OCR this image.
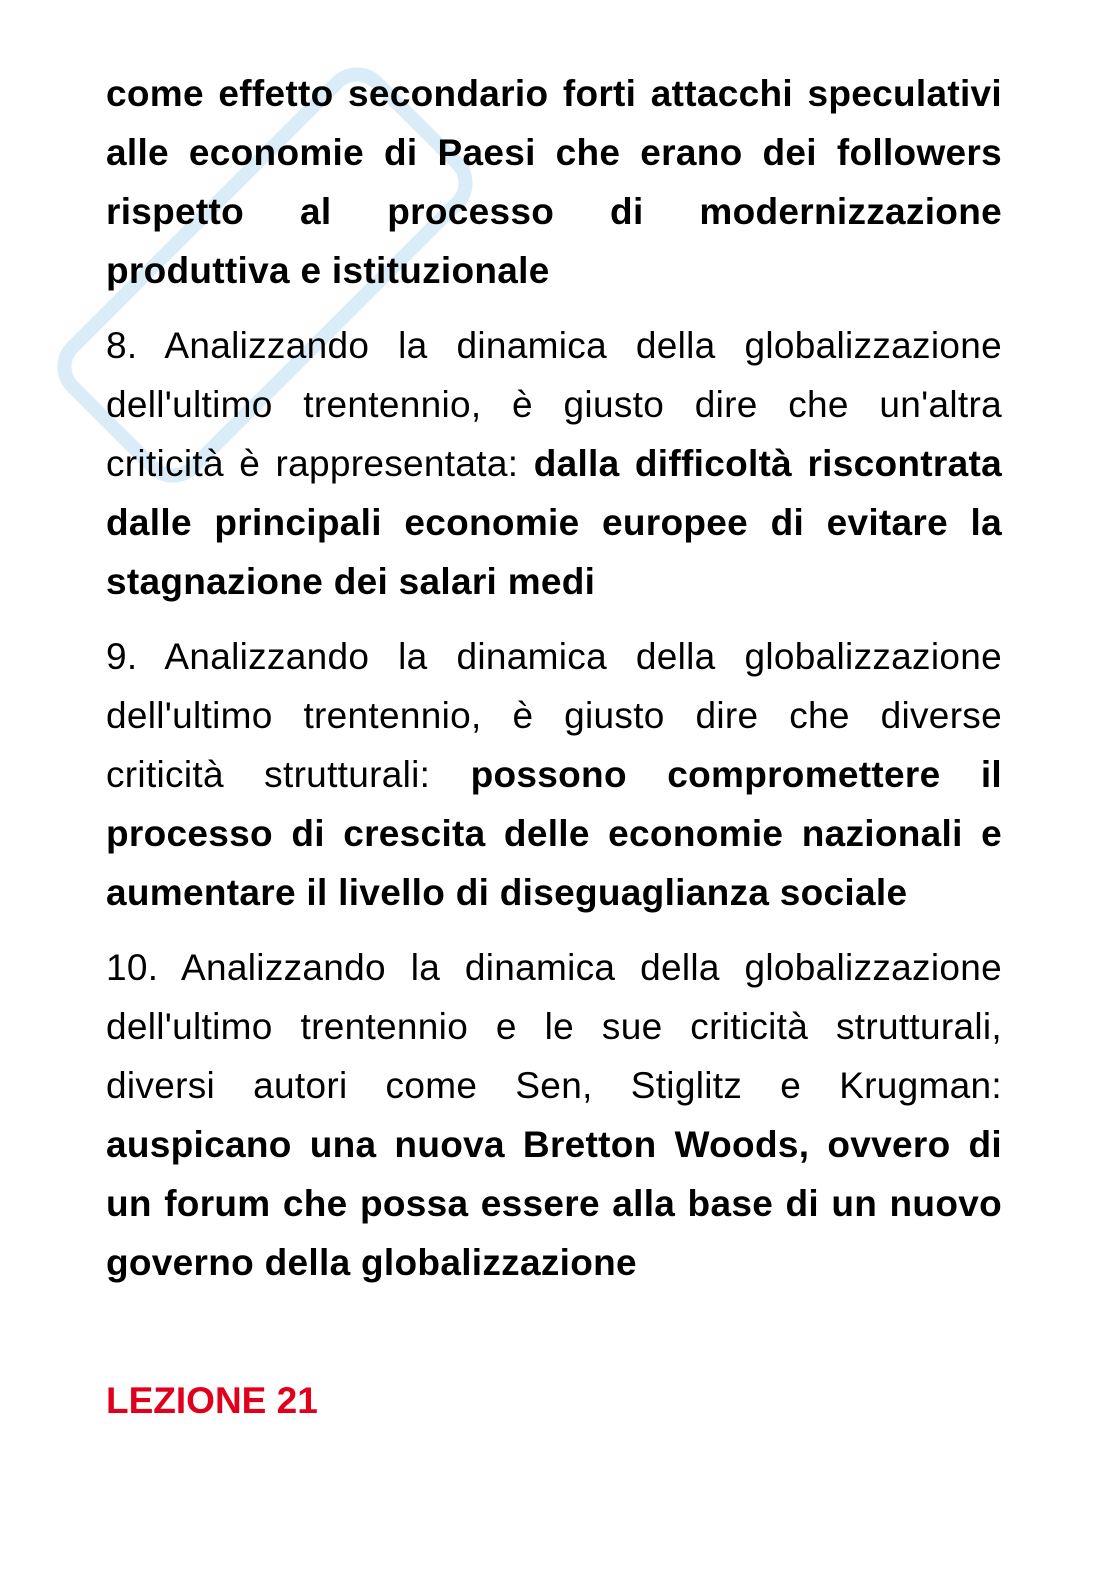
come effetto secondario forti attacchi speculativi alle economie di Paesi che erano dei followers rispetto al processo di modernizzazione produttiva e istituzionale

8. Analizzando la dinamica della globalizzazione dell'ultimo trentennio, è giusto dire che un'altra criticità è rappresentata: dalla difficoltà riscontrata dalle principali economie europee di evitare la stagnazione dei salari medi

9. Analizzando la dinamica della globalizzazione dell'ultimo trentennio, è giusto dire che diverse criticità strutturali: possono compromettere il processo di crescita delle economie nazionali e aumentare il livello di diseguaglianza sociale

10. Analizzando la dinamica della globalizzazione dell'ultimo trentennio e le sue criticità strutturali, diversi autori come Sen, Stiglitz e Krugman: auspicano una nuova Bretton Woods, ovvero di un forum che possa essere alla base di un nuovo governo della globalizzazione

LEZIONE 21
